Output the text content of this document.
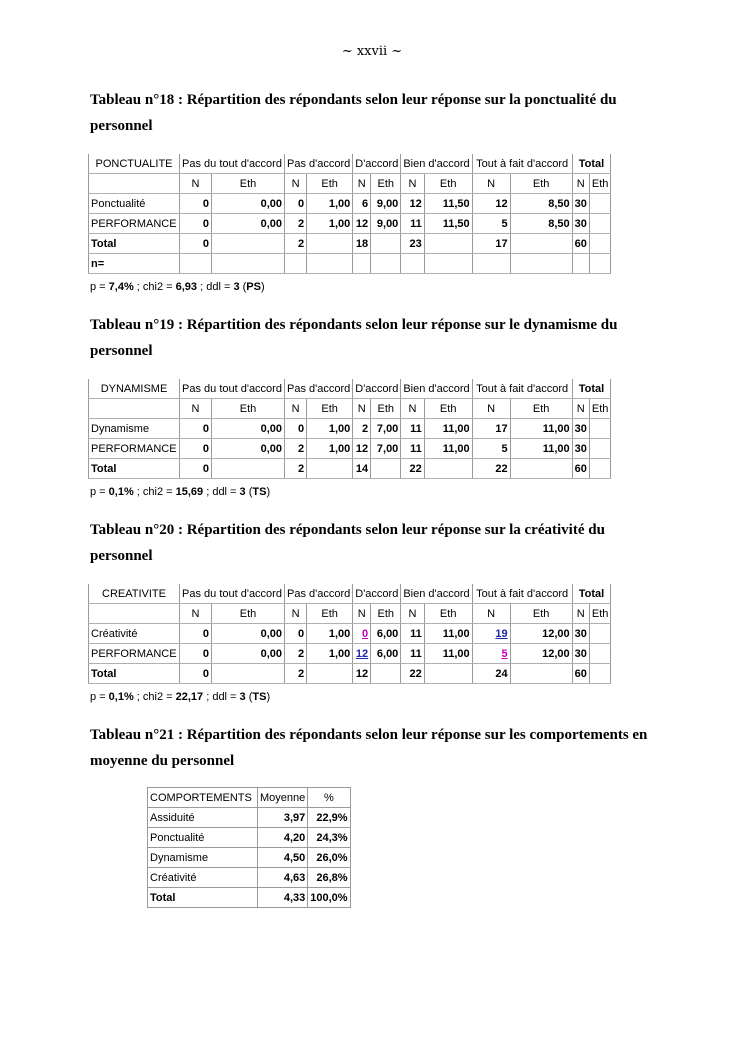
~ xxvii ~
Tableau n°18 : Répartition des répondants selon leur réponse sur la ponctualité du
personnel
PONCTUALITE	Pas du tout d'accord		Pas d'accord		D'accord		Bien d'accord		Tout à fait d'accord		Total	
	N	Eth	N	Eth	N	Eth	N	Eth	N	Eth	N	Eth
Ponctualité	0	0,00	0	1,00	6	9,00	12	11,50	12	8,50	30	
PERFORMANCE	0	0,00	2	1,00	12	9,00	11	11,50	5	8,50	30	
Total	0		2		18		23		17		60	
n=												
p = 7,4% ; chi2 = 6,93 ; ddl = 3 (PS)
Tableau n°19 : Répartition des répondants selon leur réponse sur le dynamisme du
personnel
DYNAMISME	Pas du tout d'accord		Pas d'accord		D'accord		Bien d'accord		Tout à fait d'accord		Total	
	N	Eth	N	Eth	N	Eth	N	Eth	N	Eth	N	Eth
Dynamisme	0	0,00	0	1,00	2	7,00	11	11,00	17	11,00	30	
PERFORMANCE	0	0,00	2	1,00	12	7,00	11	11,00	5	11,00	30	
Total	0		2		14		22		22		60	
p = 0,1% ; chi2 = 15,69 ; ddl = 3 (TS)
Tableau n°20 : Répartition des répondants selon leur réponse sur la créativité du
personnel
CREATIVITE	Pas du tout d'accord		Pas d'accord		D'accord		Bien d'accord		Tout à fait d'accord		Total	
	N	Eth	N	Eth	N	Eth	N	Eth	N	Eth	N	Eth
Créativité	0	0,00	0	1,00	0	6,00	11	11,00	19	12,00	30	
PERFORMANCE	0	0,00	2	1,00	12	6,00	11	11,00	5	12,00	30	
Total	0		2		12		22		24		60	
p = 0,1% ; chi2 = 22,17 ; ddl = 3 (TS)
Tableau n°21 : Répartition des répondants selon leur réponse sur les comportements en
moyenne du personnel
COMPORTEMENTS	Moyenne	%
Assiduité	3,97	22,9%
Ponctualité	4,20	24,3%
Dynamisme	4,50	26,0%
Créativité	4,63	26,8%
Total	4,33	100,0%
